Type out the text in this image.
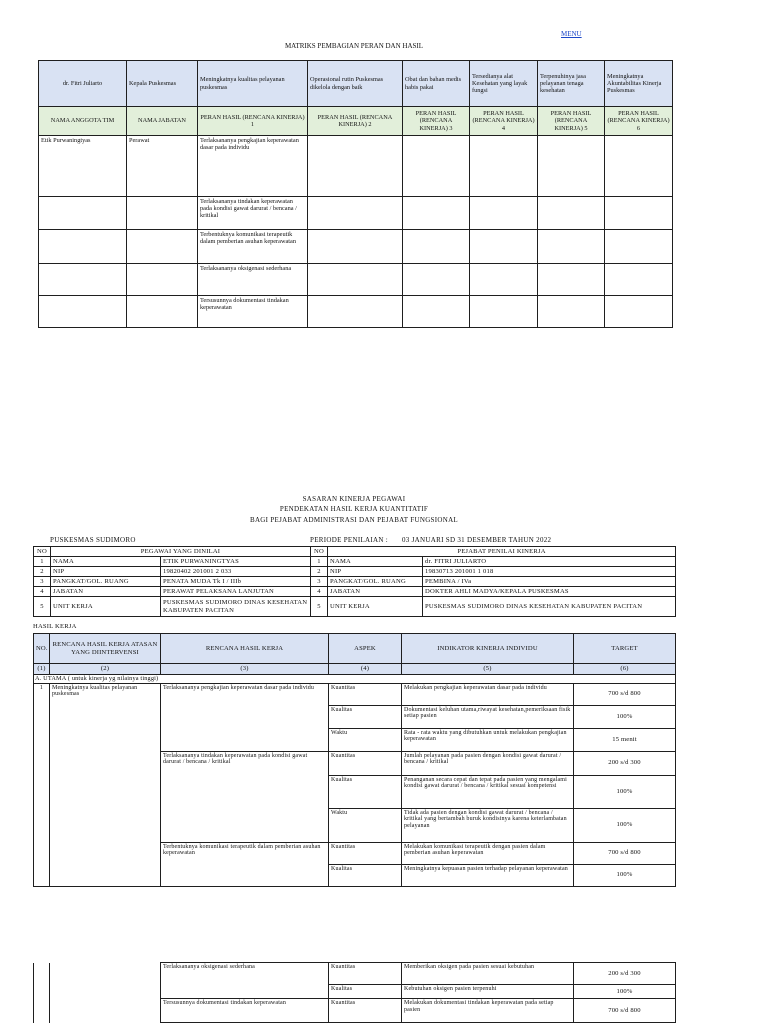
MENU
MATRIKS PEMBAGIAN PERAN DAN HASIL
dr. Fitri Juliarto	Kepala Puskesmas	Meningkatnya kualitas pelayanan puskesmas	Operasional rutin Puskesmas dikelola dengan baik	Obat dan bahan medis habis pakai	Tersedianya alat Kesehatan yang layak fungsi	Terpenuhinya jasa pelayanan tenaga kesehatan	Meningkatnya Akuntabilitas Kinerja Puskesmas
NAMA ANGGOTA TIM	NAMA JABATAN	PERAN HASIL (RENCANA KINERJA) 1	PERAN HASIL (RENCANA KINERJA) 2	PERAN HASIL (RENCANA KINERJA) 3	PERAN HASIL (RENCANA KINERJA) 4	PERAN HASIL (RENCANA KINERJA) 5	PERAN HASIL (RENCANA KINERJA) 6
Etik Purwaningtyas	Perawat	Terlaksananya pengkajian keperawatan dasar pada individu					
		Terlaksananya tindakan keperawatan pada kondisi gawat darurat / bencana / kritikal					
		Terbentuknya komunikasi terapeutik dalam pemberian asuhan keperawatan					
		Terlaksananya oksigenasi sederhana					
		Tersusunnya dokumentasi tindakan keperawatan					
SASARAN KINERJA PEGAWAI
PENDEKATAN HASIL KERJA KUANTITATIF
BAGI PEJABAT ADMINISTRASI DAN PEJABAT FUNGSIONAL
PUSKESMAS SUDIMORO	PERIODE PENILAIAN : 03 JANUARI SD 31 DESEMBER TAHUN 2022
NO	PEGAWAI YANG DINILAI		NO	PEJABAT PENILAI KINERJA	
1	NAMA	ETIK PURWANINGTYAS	1	NAMA	dr. FITRI JULIARTO
2	NIP	19820402 201001 2 033	2	NIP	19830713 201001 1 018
3	PANGKAT/GOL. RUANG	PENATA MUDA Tk I / IIIb	3	PANGKAT/GOL. RUANG	PEMBINA / IVa
4	JABATAN	PERAWAT PELAKSANA LANJUTAN	4	JABATAN	DOKTER AHLI MADYA/KEPALA PUSKESMAS
5	UNIT KERJA	PUSKESMAS SUDIMORO DINAS KESEHATAN KABUPATEN PACITAN	5	UNIT KERJA	PUSKESMAS SUDIMORO DINAS KESEHATAN KABUPATEN PACITAN
HASIL KERJA
NO.	RENCANA HASIL KERJA ATASAN YANG DIINTERVENSI	RENCANA HASIL KERJA	ASPEK	INDIKATOR KINERJA INDIVIDU	TARGET
(1)	(2)	(3)	(4)	(5)	(6)
A. UTAMA ( untuk kinerja yg nilainya tinggi)					
1	Meningkatnya kualitas pelayanan puskesmas	Terlaksananya pengkajian keperawatan dasar pada individu	Kuantitas	Melakukan pengkajian keperawatan dasar pada individu	700 s/d 800
			Kualitas	Dokumentasi keluhan utama,riwayat kesehatan,pemeriksaan fisik setiap pasien	100%
			Waktu	Rata - rata waktu yang dibutuhkan untuk melakukan pengkajian keperawatan	15 menit
		Terlaksananya tindakan keperawatan pada kondisi gawat darurat / bencana / kritikal	Kuantitas	Jumlah pelayanan pada pasien dengan kondisi gawat darurat / bencana / kritikal	200 s/d 300
			Kualitas	Penanganan secara cepat dan tepat pada pasien yang mengalami kondisi gawat darurat / bencana / kritikal sesuai kompetensi	100%
			Waktu	Tidak ada pasien dengan kondisi gawat darurat / bencana / kritikal yang bertambah buruk kondisinya karena keterlambatan pelayanan	100%
		Terbentuknya komunikasi terapeutik dalam pemberian asuhan keperawatan	Kuantitas	Melakukan komunikasi terapeutik dengan pasien dalam pemberian asuhan keperawatan	700 s/d 800
			Kualitas	Meningkatnya kepuasan pasien terhadap pelayanan keperawatan	100%
		Terlaksananya oksigenasi sederhana	Kuantitas	Memberikan oksigen pada pasien sesuai kebutuhan	200 s/d 300
			Kualitas	Kebutuhan oksigen pasien terpenuhi	100%
		Tersusunnya dokumentasi tindakan keperawatan	Kuantitas	Melakukan dokumentasi tindakan keperawatan pada setiap pasien	700 s/d 800
